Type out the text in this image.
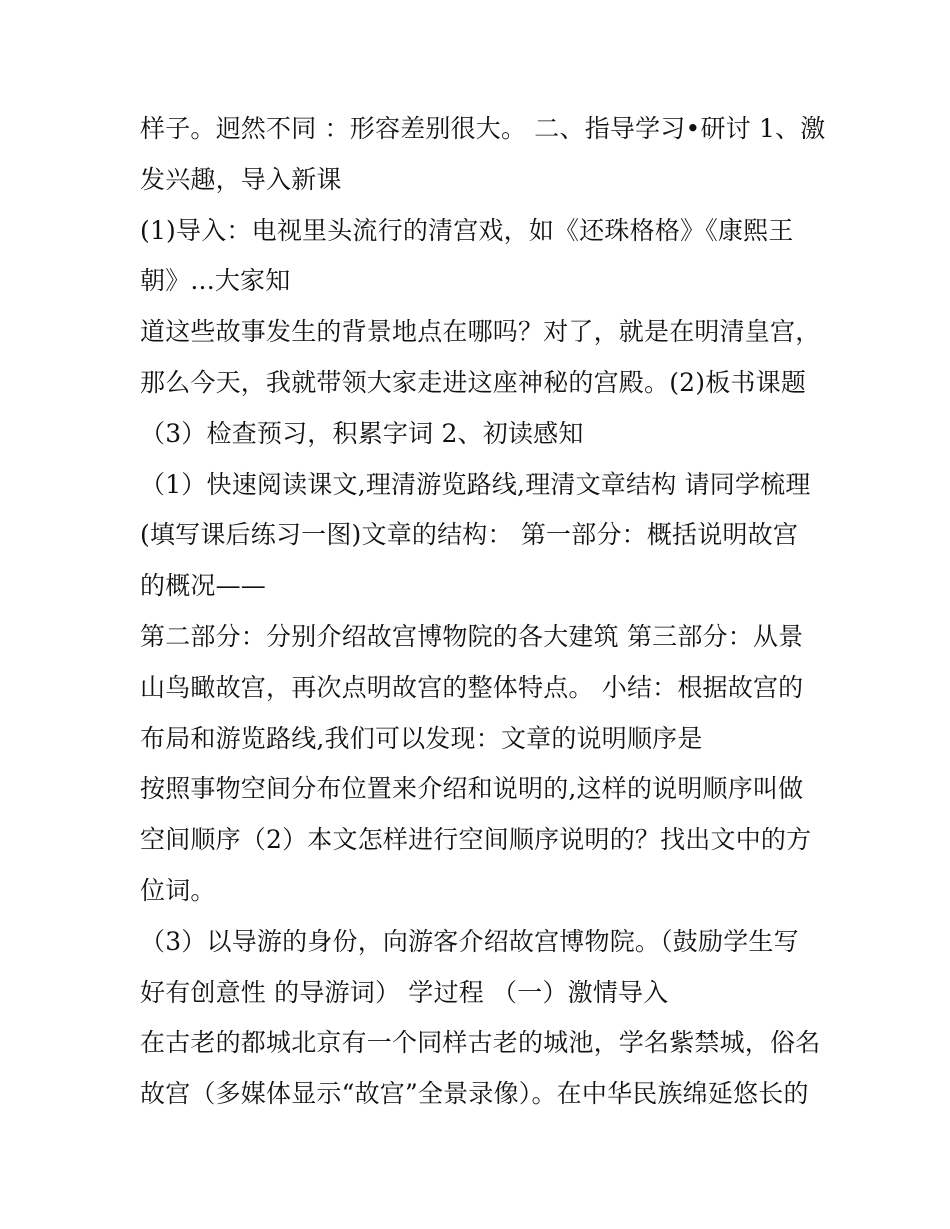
样子。迥然不同 ：形容差别很大。 二、指导学习•研讨 1、激
发兴趣，导入新课
(1)导入：电视里头流行的清宫戏，如《还珠格格》《康熙王
朝》...大家知
道这些故事发生的背景地点在哪吗？对了，就是在明清皇宫，
那么今天，我就带领大家走进这座神秘的宫殿。(2)板书课题
（3）检查预习，积累字词 2、初读感知
（1）快速阅读课文,理清游览路线,理清文章结构 请同学梳理
(填写课后练习一图)文章的结构： 第一部分：概括说明故宫
的概况——
第二部分：分别介绍故宫博物院的各大建筑 第三部分：从景
山鸟瞰故宫，再次点明故宫的整体特点。 小结：根据故宫的
布局和游览路线,我们可以发现：文章的说明顺序是
按照事物空间分布位置来介绍和说明的,这样的说明顺序叫做
空间顺序（2）本文怎样进行空间顺序说明的？找出文中的方
位词。
（3）以导游的身份，向游客介绍故宫博物院。（鼓励学生写
好有创意性 的导游词） 学过程 （一）激情导入
在古老的都城北京有一个同样古老的城池，学名紫禁城，俗名
故宫（多媒体显示“故宫”全景录像）。在中华民族绵延悠长的
